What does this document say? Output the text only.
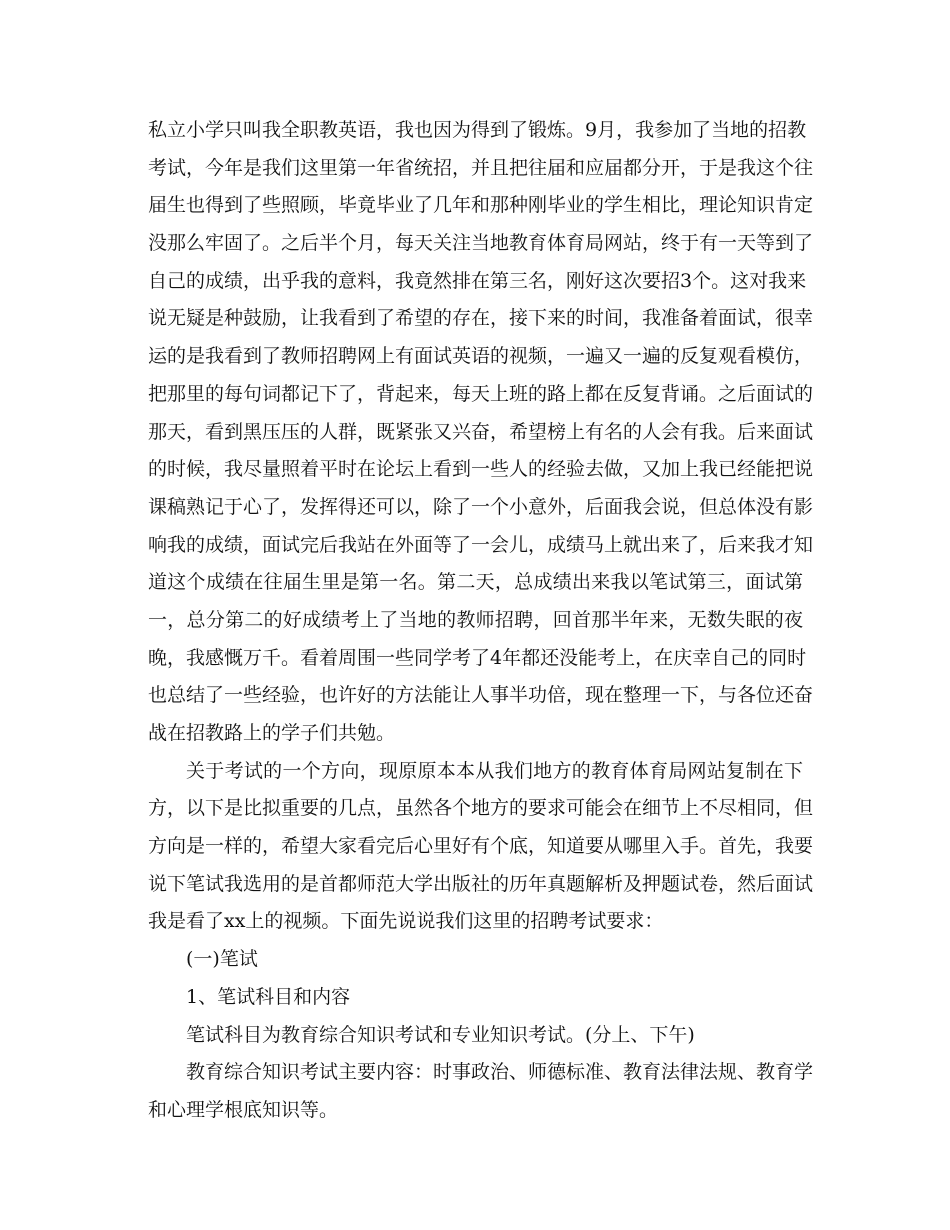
私立小学只叫我全职教英语，我也因为得到了锻炼。9月，我参加了当地的招教
考试，今年是我们这里第一年省统招，并且把往届和应届都分开，于是我这个往
届生也得到了些照顾，毕竟毕业了几年和那种刚毕业的学生相比，理论知识肯定
没那么牢固了。之后半个月，每天关注当地教育体育局网站，终于有一天等到了
自己的成绩，出乎我的意料，我竟然排在第三名，刚好这次要招3个。这对我来
说无疑是种鼓励，让我看到了希望的存在，接下来的时间，我准备着面试，很幸
运的是我看到了教师招聘网上有面试英语的视频，一遍又一遍的反复观看模仿，
把那里的每句词都记下了，背起来，每天上班的路上都在反复背诵。之后面试的
那天，看到黑压压的人群，既紧张又兴奋，希望榜上有名的人会有我。后来面试
的时候，我尽量照着平时在论坛上看到一些人的经验去做，又加上我已经能把说
课稿熟记于心了，发挥得还可以，除了一个小意外，后面我会说，但总体没有影
响我的成绩，面试完后我站在外面等了一会儿，成绩马上就出来了，后来我才知
道这个成绩在往届生里是第一名。第二天，总成绩出来我以笔试第三，面试第
一，总分第二的好成绩考上了当地的教师招聘，回首那半年来，无数失眠的夜
晚，我感慨万千。看着周围一些同学考了4年都还没能考上，在庆幸自己的同时
也总结了一些经验，也许好的方法能让人事半功倍，现在整理一下，与各位还奋
战在招教路上的学子们共勉。
关于考试的一个方向，现原原本本从我们地方的教育体育局网站复制在下
方，以下是比拟重要的几点，虽然各个地方的要求可能会在细节上不尽相同，但
方向是一样的，希望大家看完后心里好有个底，知道要从哪里入手。首先，我要
说下笔试我选用的是首都师范大学出版社的历年真题解析及押题试卷，然后面试
我是看了xx上的视频。下面先说说我们这里的招聘考试要求：
(一)笔试
1、笔试科目和内容
笔试科目为教育综合知识考试和专业知识考试。(分上、下午)
教育综合知识考试主要内容：时事政治、师德标准、教育法律法规、教育学
和心理学根底知识等。
